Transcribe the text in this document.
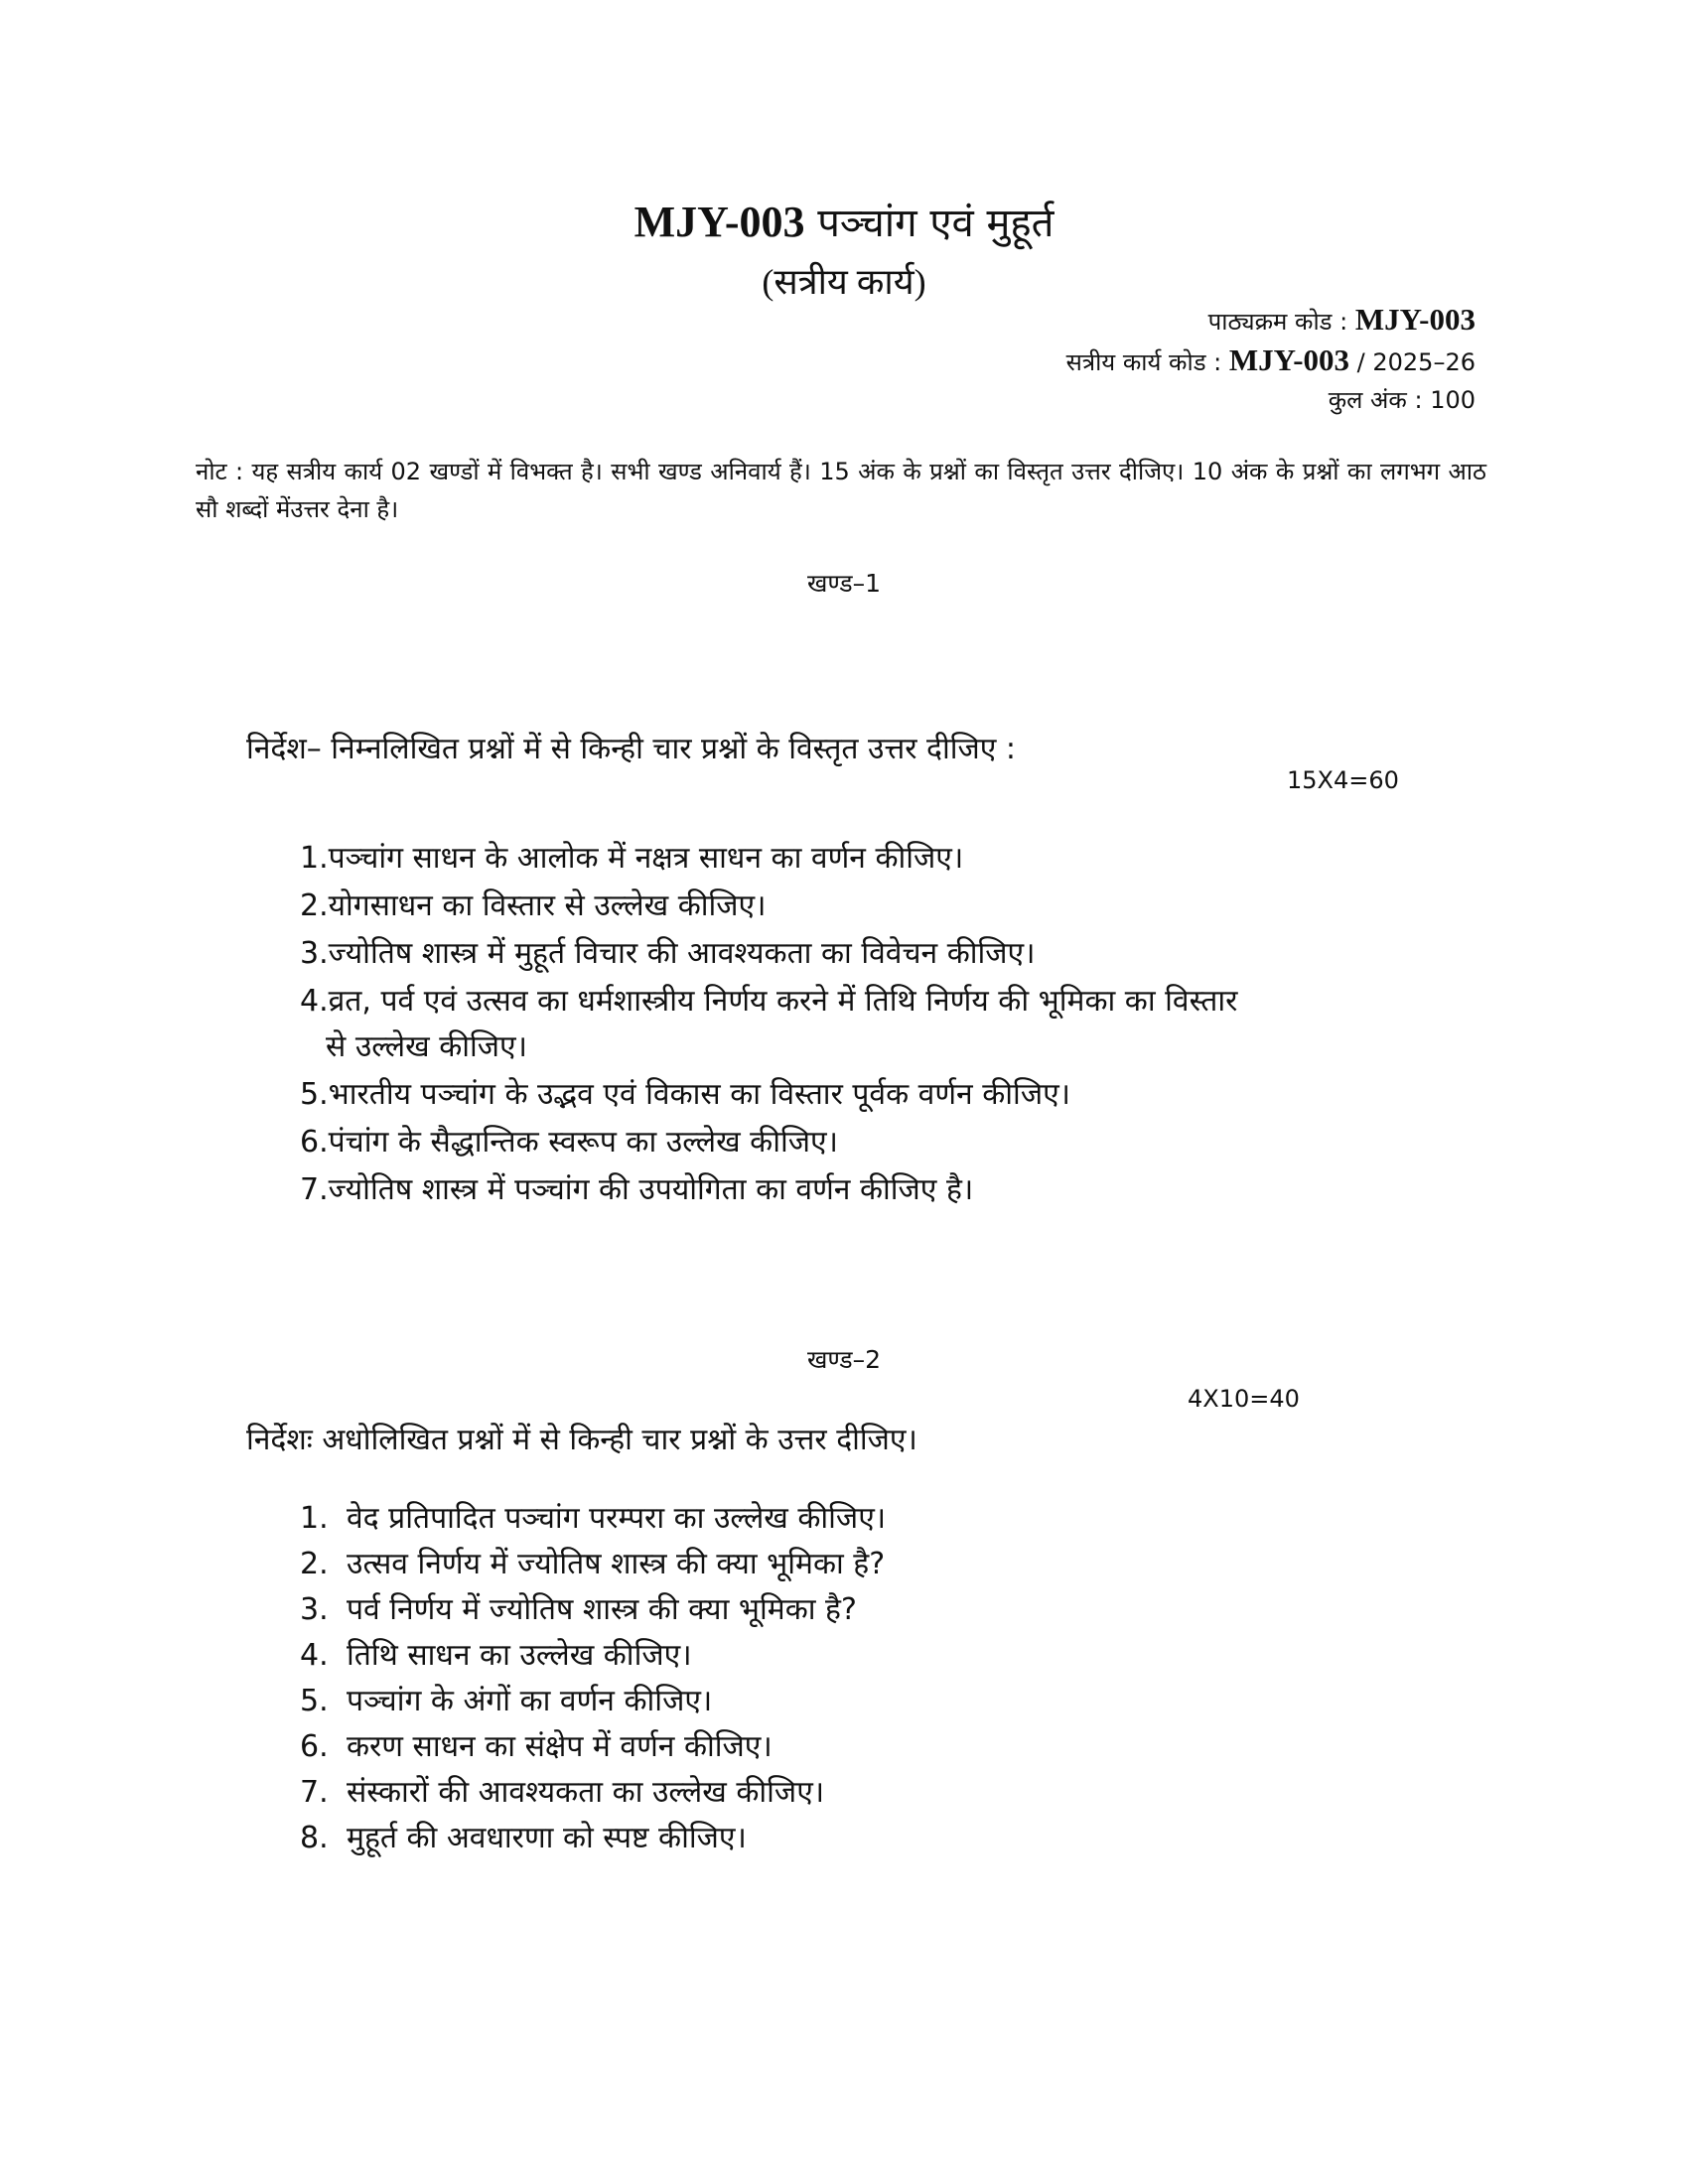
MJY-003 पञ्चांग एवं मुहूर्त
(सत्रीय कार्य)
पाठ्यक्रम कोड : MJY-003
सत्रीय कार्य कोड : MJY-003 / 2025–26
कुल अंक : 100
नोट : यह सत्रीय कार्य 02 खण्डों में विभक्त है। सभी खण्ड अनिवार्य हैं। 15 अंक के प्रश्नों का विस्तृत उत्तर दीजिए। 10 अंक के प्रश्नों का लगभग आठ सौ शब्दों मेंउत्तर देना है।
खण्ड–1
निर्देश– निम्नलिखित प्रश्नों में से किन्ही चार प्रश्नों के विस्तृत उत्तर दीजिए :
15X4=60
1.पञ्चांग साधन के आलोक में नक्षत्र साधन का वर्णन कीजिए।
2.योगसाधन का विस्तार से उल्लेख कीजिए।
3.ज्योतिष शास्त्र में मुहूर्त विचार की आवश्यकता का विवेचन कीजिए।
4.व्रत, पर्व एवं उत्सव का धर्मशास्त्रीय निर्णय करने में तिथि निर्णय की भूमिका का विस्तार
से उल्लेख कीजिए।
5.भारतीय पञ्चांग के उद्भव एवं विकास का विस्तार पूर्वक वर्णन कीजिए।
6.पंचांग के सैद्धान्तिक स्वरूप का उल्लेख कीजिए।
7.ज्योतिष शास्त्र में पञ्चांग की उपयोगिता का वर्णन कीजिए है।
खण्ड–2
4X10=40
निर्देशः अधोलिखित प्रश्नों में से किन्ही चार प्रश्नों के उत्तर दीजिए।
1. वेद प्रतिपादित पञ्चांग परम्परा का उल्लेख कीजिए।
2. उत्सव निर्णय में ज्योतिष शास्त्र की क्या भूमिका है?
3. पर्व निर्णय में ज्योतिष शास्त्र की क्या भूमिका है?
4. तिथि साधन का उल्लेख कीजिए।
5. पञ्चांग के अंगों का वर्णन कीजिए।
6. करण साधन का संक्षेप में वर्णन कीजिए।
7. संस्कारों की आवश्यकता का उल्लेख कीजिए।
8. मुहूर्त की अवधारणा को स्पष्ट कीजिए।
